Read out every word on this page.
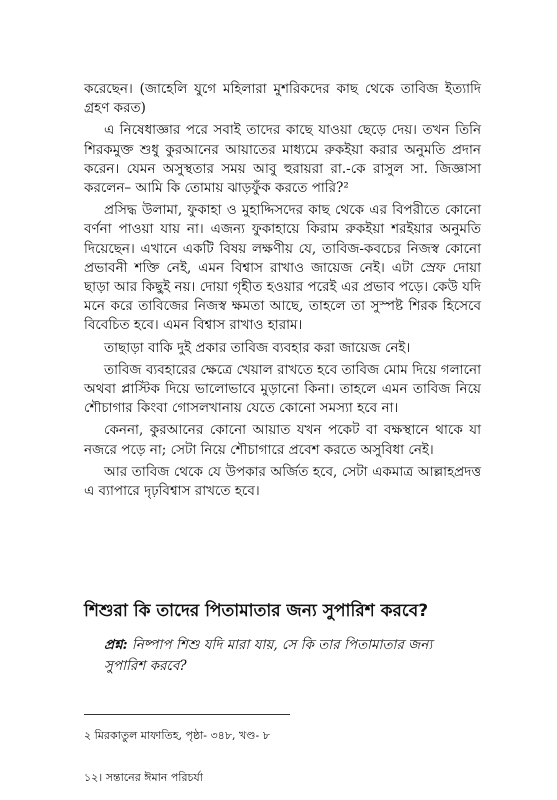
করেছেন। (জাহেলি যুগে মহিলারা মুশরিকদের কাছ থেকে তাবিজ ইত্যাদি গ্রহণ করত)

এ নিষেধাজ্ঞার পরে সবাই তাদের কাছে যাওয়া ছেড়ে দেয়। তখন তিনি শিরকমুক্ত শুধু কুরআনের আয়াতের মাধ্যমে রুকইয়া করার অনুমতি প্রদান করেন। যেমন অসুস্থতার সময় আবু হুরায়রা রা.-কে রাসুল সা. জিজ্ঞাসা করলেন– আমি কি তোমায় ঝাড়ফুঁক করতে পারি?²

প্রসিদ্ধ উলামা, ফুকাহা ও মুহাদ্দিসদের কাছ থেকে এর বিপরীতে কোনো বর্ণনা পাওয়া যায় না। এজন্য ফুকাহায়ে কিরাম রুকইয়া শরইয়ার অনুমতি দিয়েছেন। এখানে একটি বিষয় লক্ষণীয় যে, তাবিজ-কবচের নিজস্ব কোনো প্রভাবনী শক্তি নেই, এমন বিশ্বাস রাখাও জায়েজ নেই। এটা স্রেফ দোয়া ছাড়া আর কিছুই নয়। দোয়া গৃহীত হওয়ার পরেই এর প্রভাব পড়ে। কেউ যদি মনে করে তাবিজের নিজস্ব ক্ষমতা আছে, তাহলে তা সুস্পষ্ট শিরক হিসেবে বিবেচিত হবে। এমন বিশ্বাস রাখাও হারাম।

তাছাড়া বাকি দুই প্রকার তাবিজ ব্যবহার করা জায়েজ নেই।

তাবিজ ব্যবহারের ক্ষেত্রে খেয়াল রাখতে হবে তাবিজ মোম দিয়ে গলানো অথবা প্লাস্টিক দিয়ে ভালোভাবে মুড়ানো কিনা। তাহলে এমন তাবিজ নিয়ে শৌচাগার কিংবা গোসলখানায় যেতে কোনো সমস্যা হবে না।

কেননা, কুরআনের কোনো আয়াত যখন পকেট বা বক্ষস্থানে থাকে যা নজরে পড়ে না; সেটা নিয়ে শৌচাগারে প্রবেশ করতে অসুবিধা নেই।

আর তাবিজ থেকে যে উপকার অর্জিত হবে, সেটা একমাত্র আল্লাহপ্রদত্ত এ ব্যাপারে দৃঢ়বিশ্বাস রাখতে হবে।

শিশুরা কি তাদের পিতামাতার জন্য সুপারিশ করবে?
প্রশ্ন: নিষ্পাপ শিশু যদি মারা যায়, সে কি তার পিতামাতার জন্য সুপারিশ করবে?
২ মিরকাতুল মাফাতিহ, পৃষ্ঠা- ৩৪৮, খণ্ড- ৮
১২। সন্তানের ঈমান পরিচর্যা
